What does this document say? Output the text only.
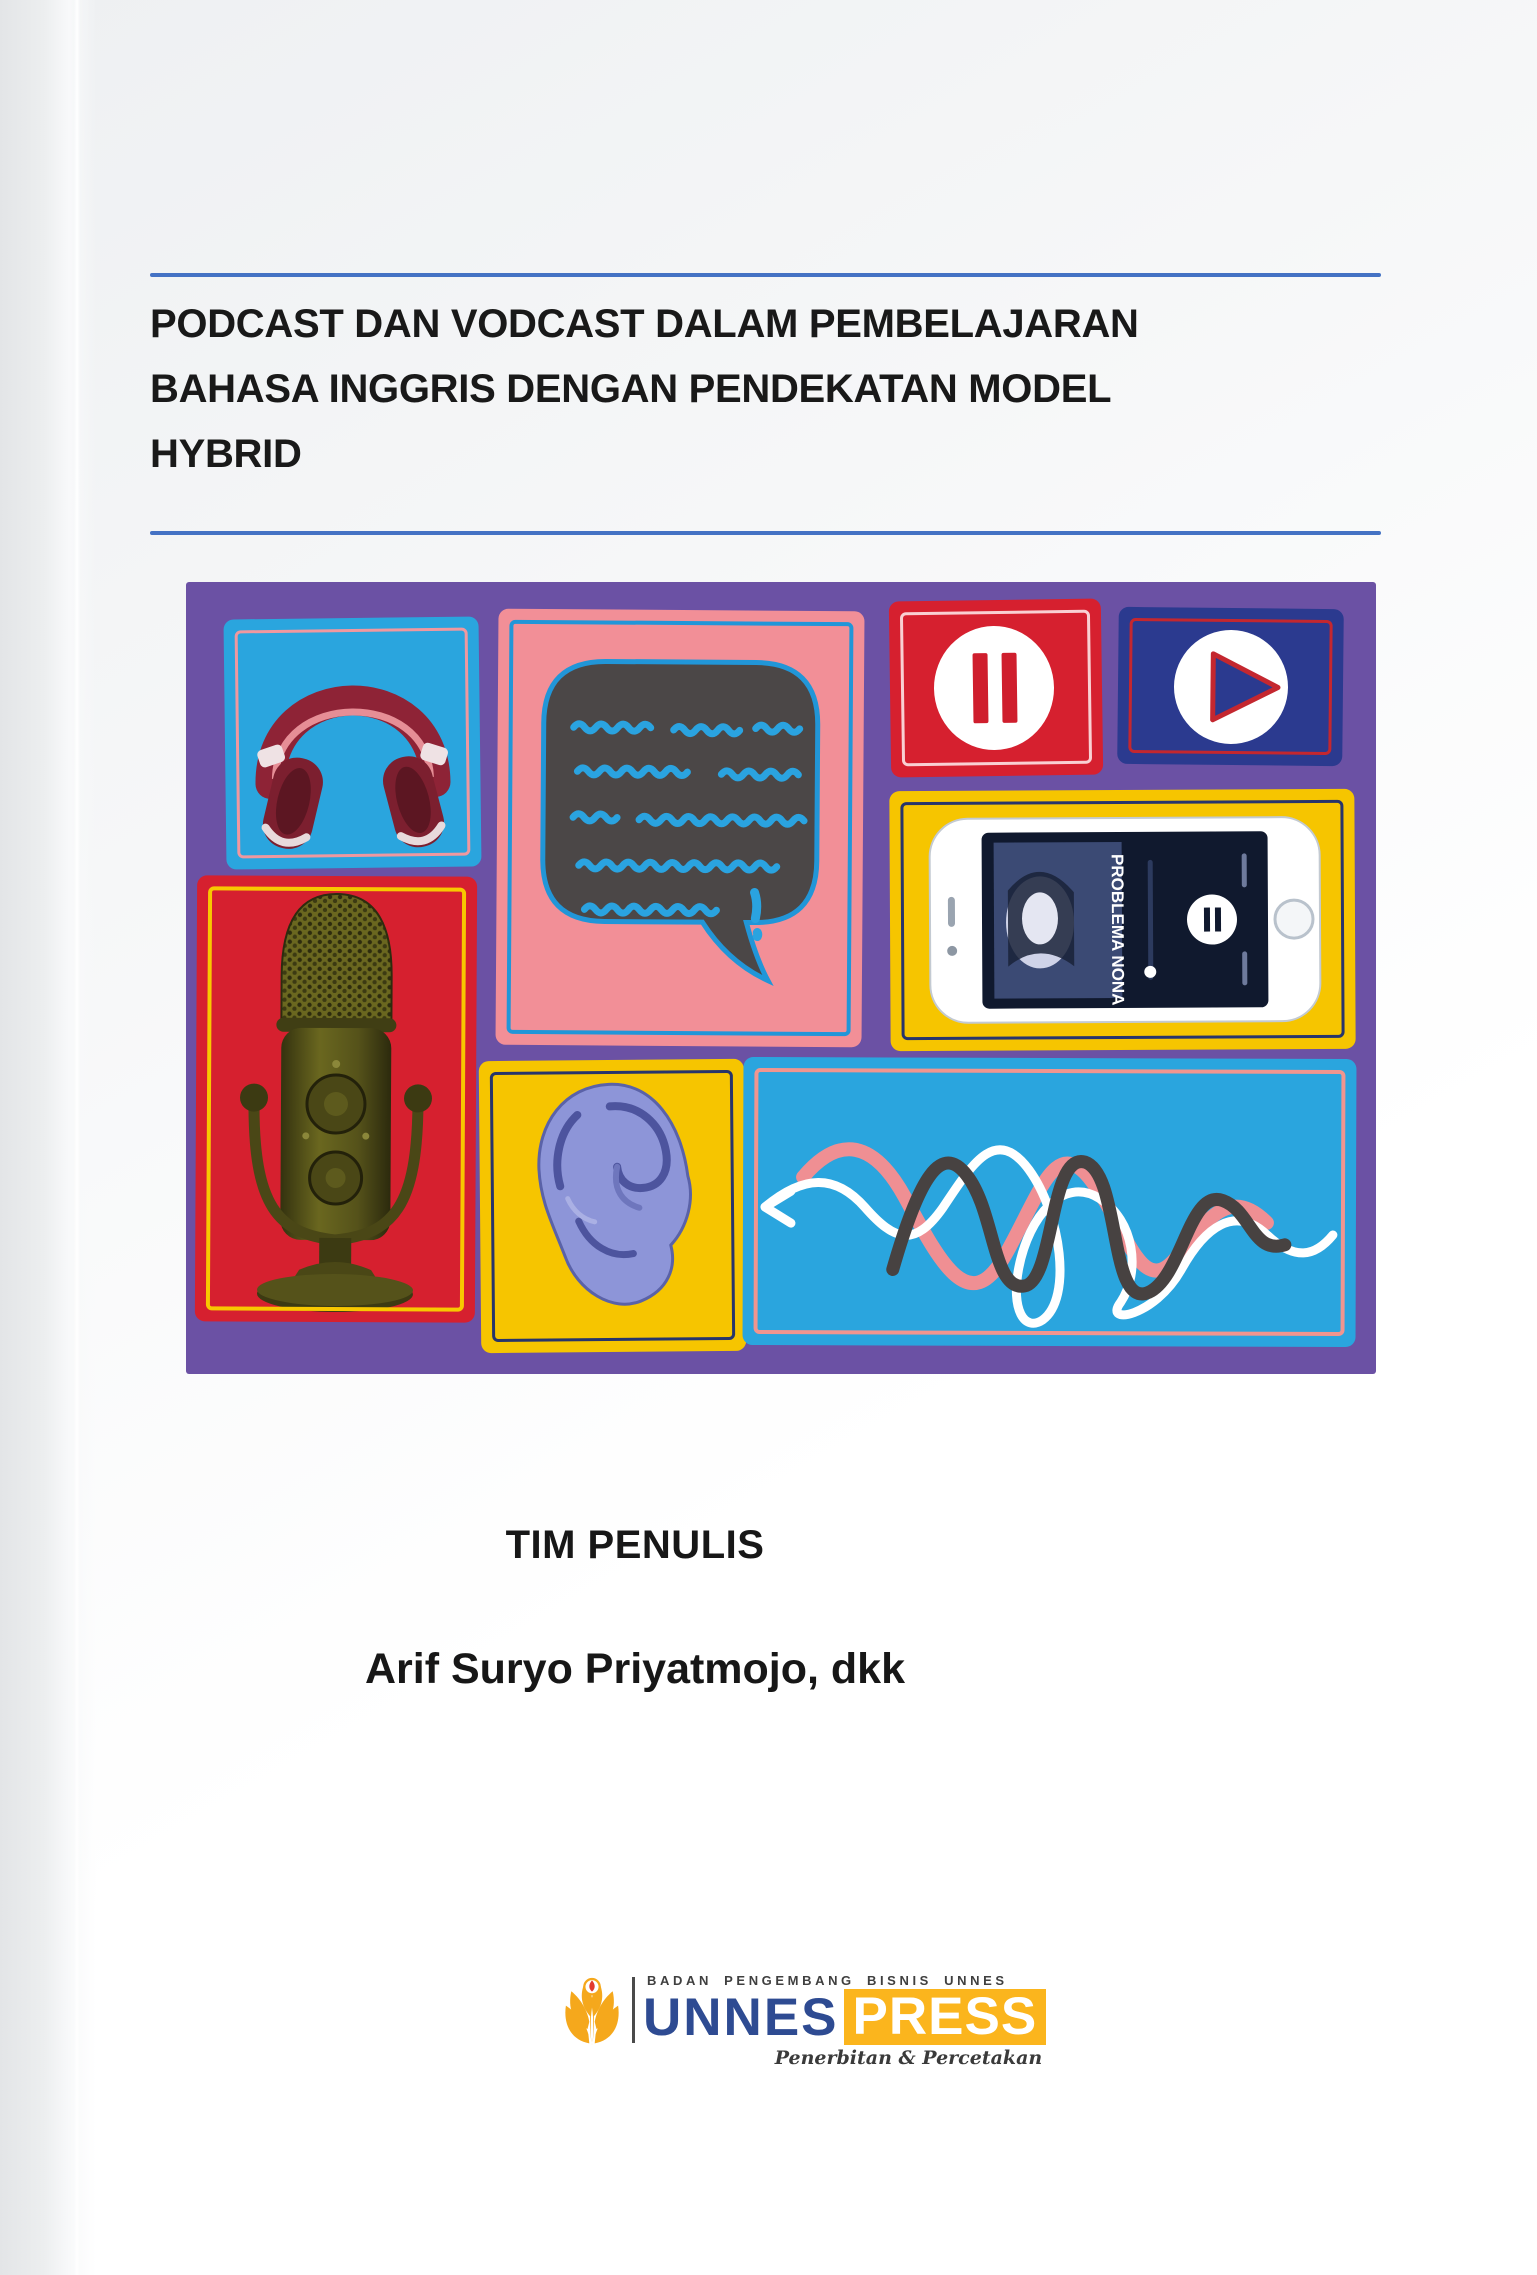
PODCAST DAN VODCAST DALAM PEMBELAJARAN
BAHASA INGGRIS DENGAN PENDEKATAN MODEL
HYBRID
PROBLEMA NONA

TIM PENULIS

Arif Suryo Priyatmojo, dkk

BADAN PENGEMBANG BISNIS UNNES
UNNES PRESS
Penerbitan & Percetakan
